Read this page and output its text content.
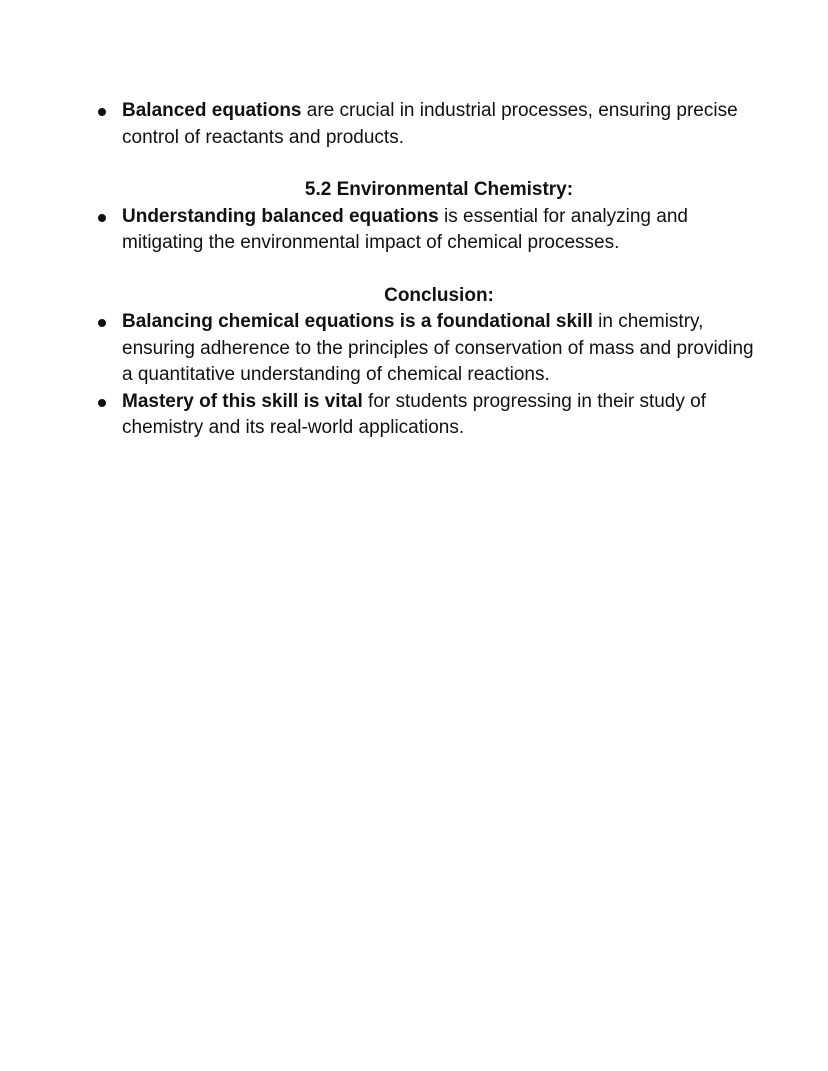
Balanced equations are crucial in industrial processes, ensuring precise control of reactants and products.
5.2 Environmental Chemistry:
Understanding balanced equations is essential for analyzing and mitigating the environmental impact of chemical processes.
Conclusion:
Balancing chemical equations is a foundational skill in chemistry, ensuring adherence to the principles of conservation of mass and providing a quantitative understanding of chemical reactions.
Mastery of this skill is vital for students progressing in their study of chemistry and its real-world applications.
